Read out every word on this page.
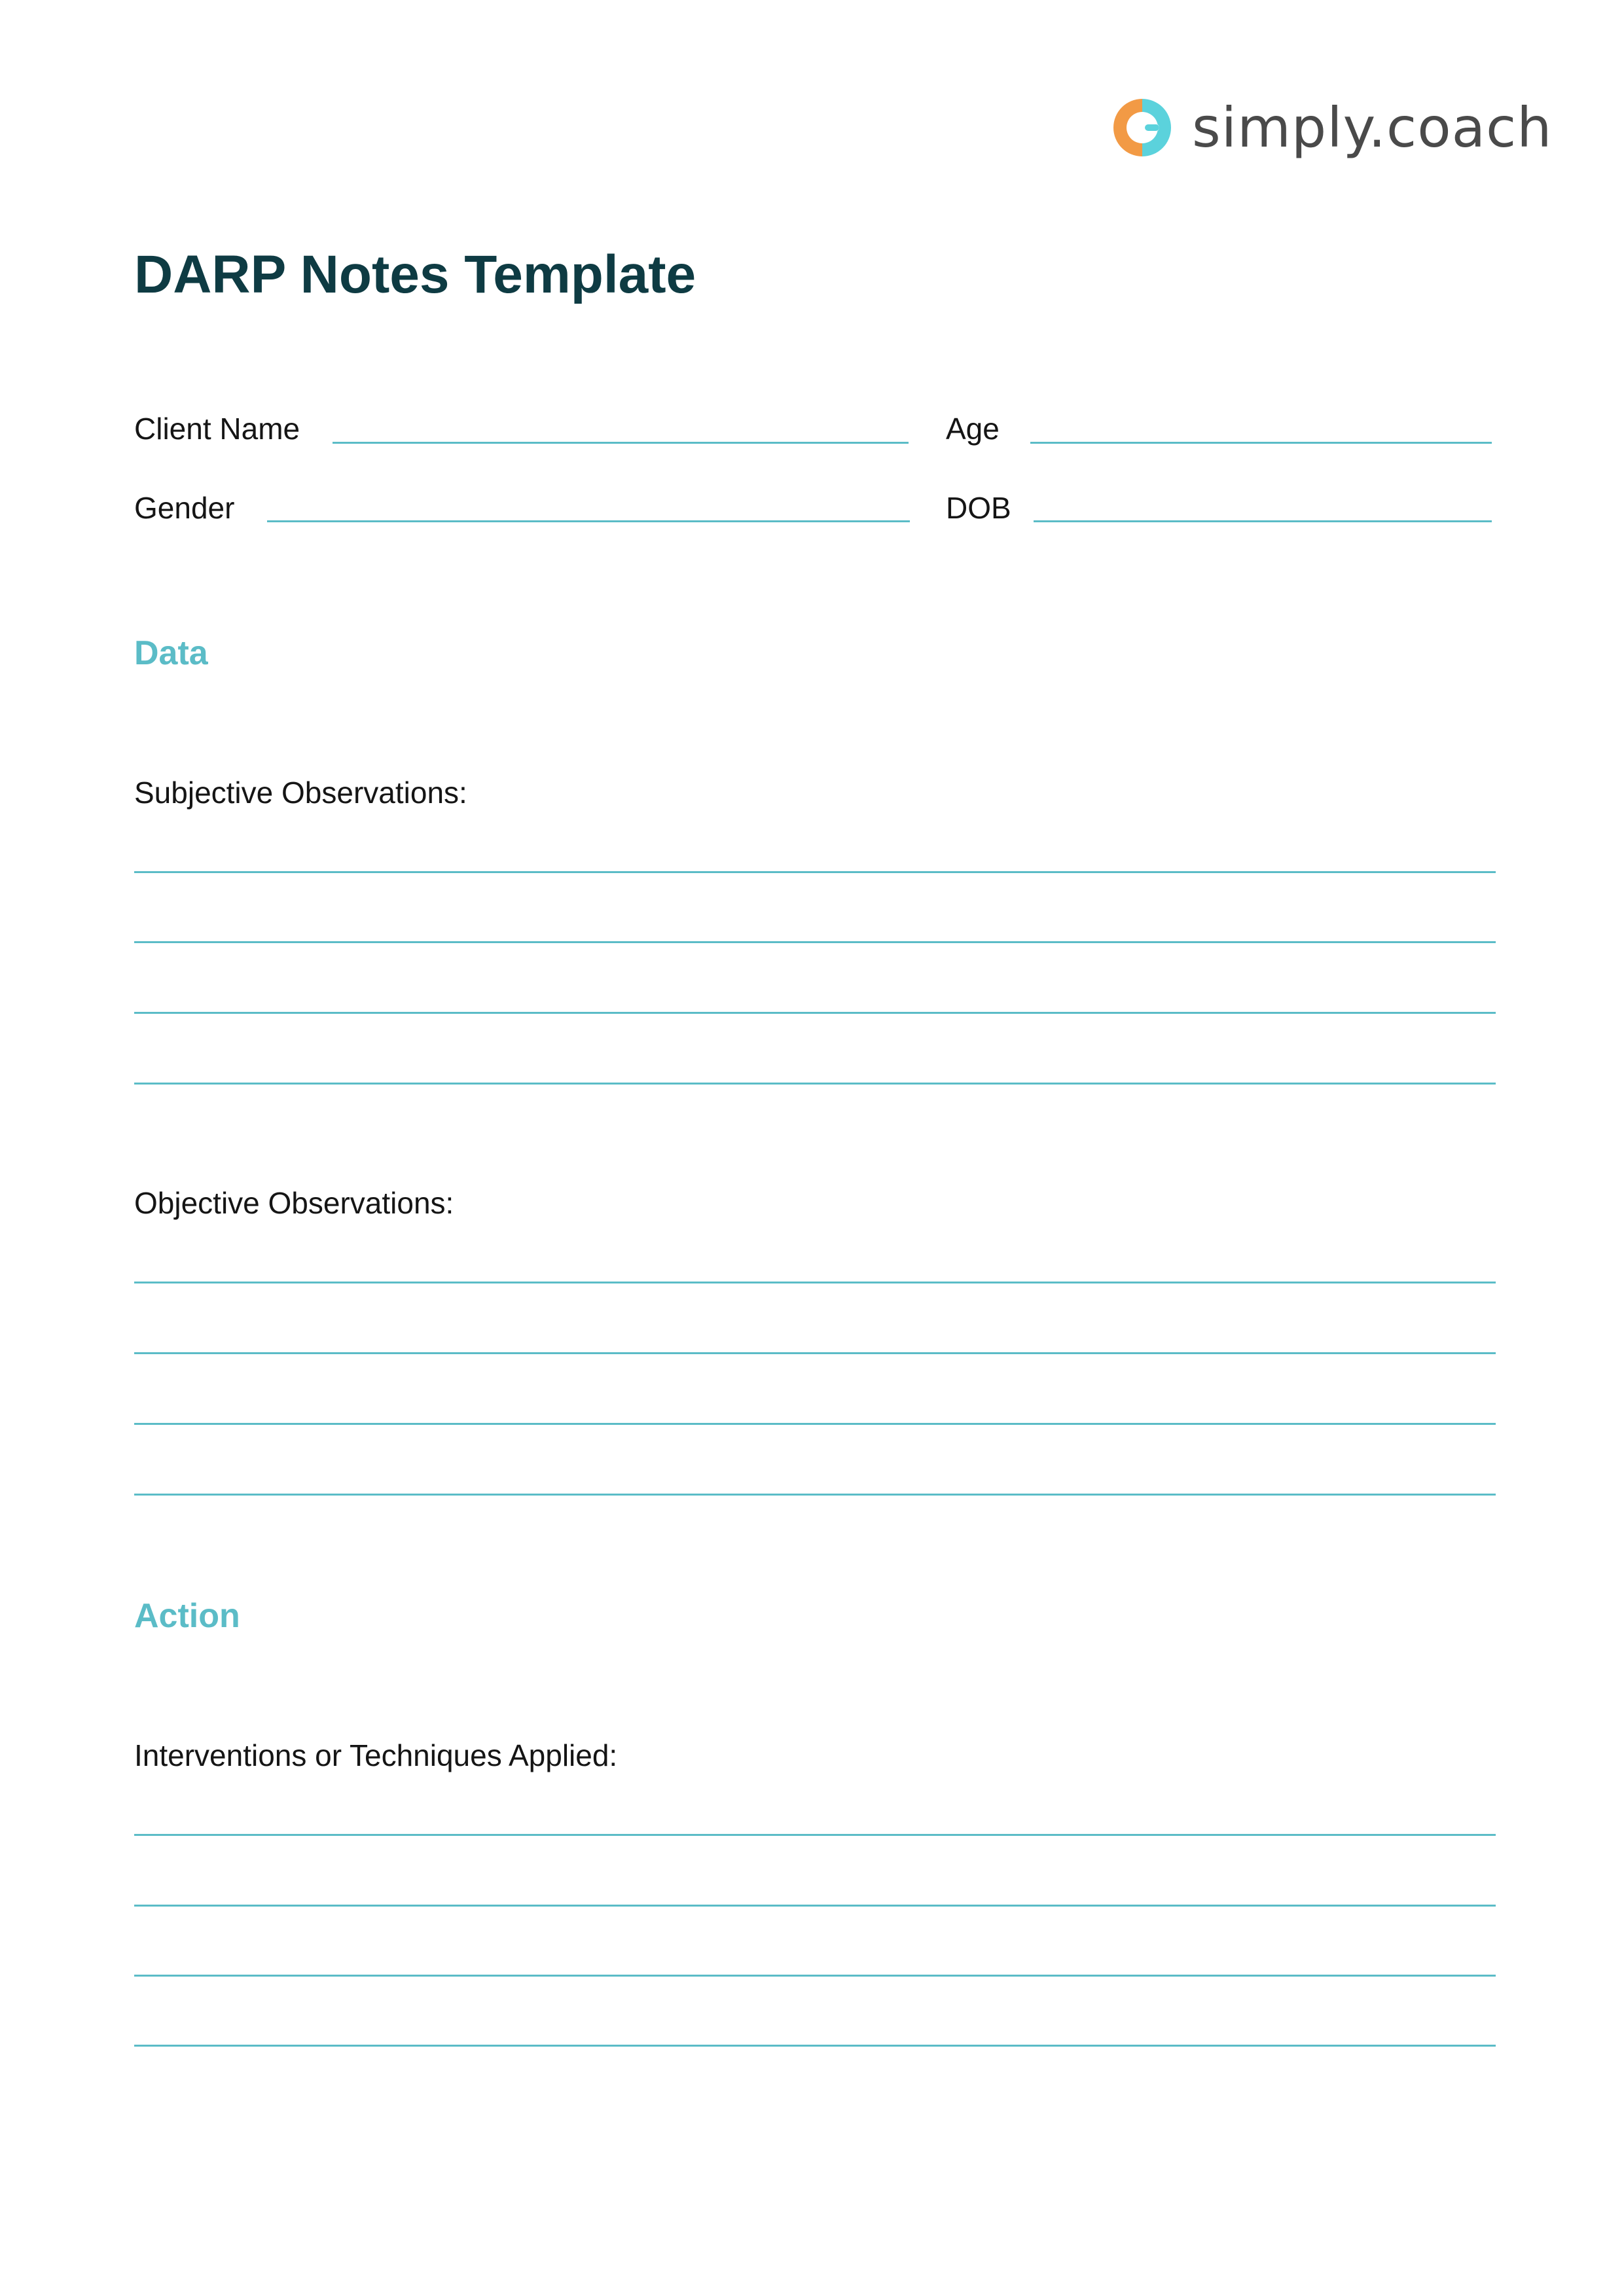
simply.coach
DARP Notes Template
Client Name	Age
Gender	DOB
Data
Subjective Observations:
Objective Observations:
Action
Interventions or Techniques Applied:
